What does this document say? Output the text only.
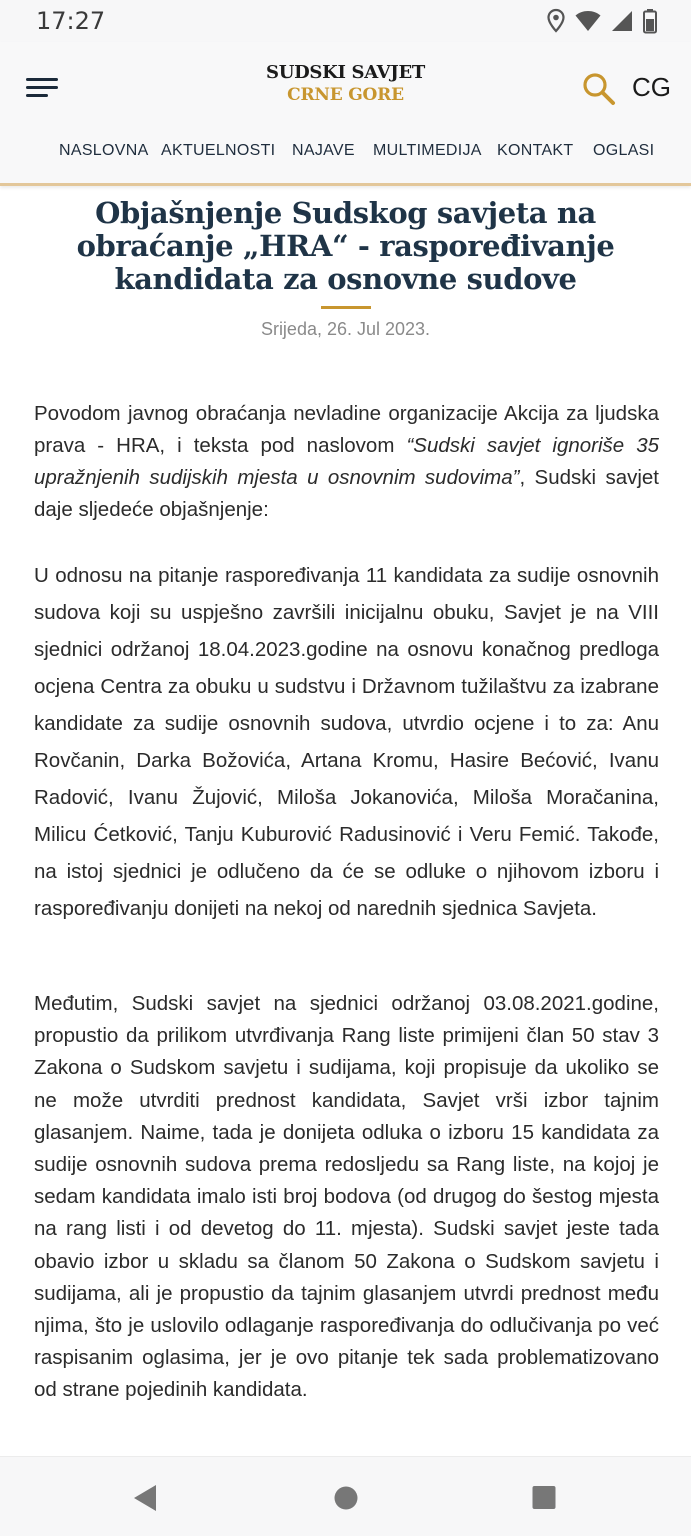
17:27
SUDSKI SAVJET
CRNE GORE	CG
NASLOVNA AKTUELNOSTI NAJAVE MULTIMEDIJA KONTAKT OGLASI
Objašnjenje Sudskog savjeta na obraćanje „HRA“ - raspoređivanje kandidata za osnovne sudove
Srijeda, 26. Jul 2023.

Povodom javnog obraćanja nevladine organizacije Akcija za ljudska prava - HRA, i teksta pod naslovom “Sudski savjet ignoriše 35 upražnjenih sudijskih mjesta u osnovnim sudovima”, Sudski savjet daje sljedeće objašnjenje:

U odnosu na pitanje raspoređivanja 11 kandidata za sudije osnovnih sudova koji su uspješno završili inicijalnu obuku, Savjet je na VIII sjednici održanoj 18.04.2023.godine na osnovu konačnog predloga ocjena Centra za obuku u sudstvu i Državnom tužilaštvu za izabrane kandidate za sudije osnovnih sudova, utvrdio ocjene i to za: Anu Rovčanin, Darka Božovića, Artana Kromu, Hasire Bećović, Ivanu Radović, Ivanu Žujović, Miloša Jokanovića, Miloša Moračanina, Milicu Ćetković, Tanju Kuburović Radusinović i Veru Femić. Takođe, na istoj sjednici je odlučeno da će se odluke o njihovom izboru i raspoređivanju donijeti na nekoj od narednih sjednica Savjeta.

Međutim, Sudski savjet na sjednici održanoj 03.08.2021.godine, propustio da prilikom utvrđivanja Rang liste primijeni član 50 stav 3 Zakona o Sudskom savjetu i sudijama, koji propisuje da ukoliko se ne može utvrditi prednost kandidata, Savjet vrši izbor tajnim glasanjem. Naime, tada je donijeta odluka o izboru 15 kandidata za sudije osnovnih sudova prema redosljedu sa Rang liste, na kojoj je sedam kandidata imalo isti broj bodova (od drugog do šestog mjesta na rang listi i od devetog do 11. mjesta). Sudski savjet jeste tada obavio izbor u skladu sa članom 50 Zakona o Sudskom savjetu i sudijama, ali je propustio da tajnim glasanjem utvrdi prednost među njima, što je uslovilo odlaganje raspoređivanja do odlučivanja po već raspisanim oglasima, jer je ovo pitanje tek sada problematizovano od strane pojedinih kandidata.
